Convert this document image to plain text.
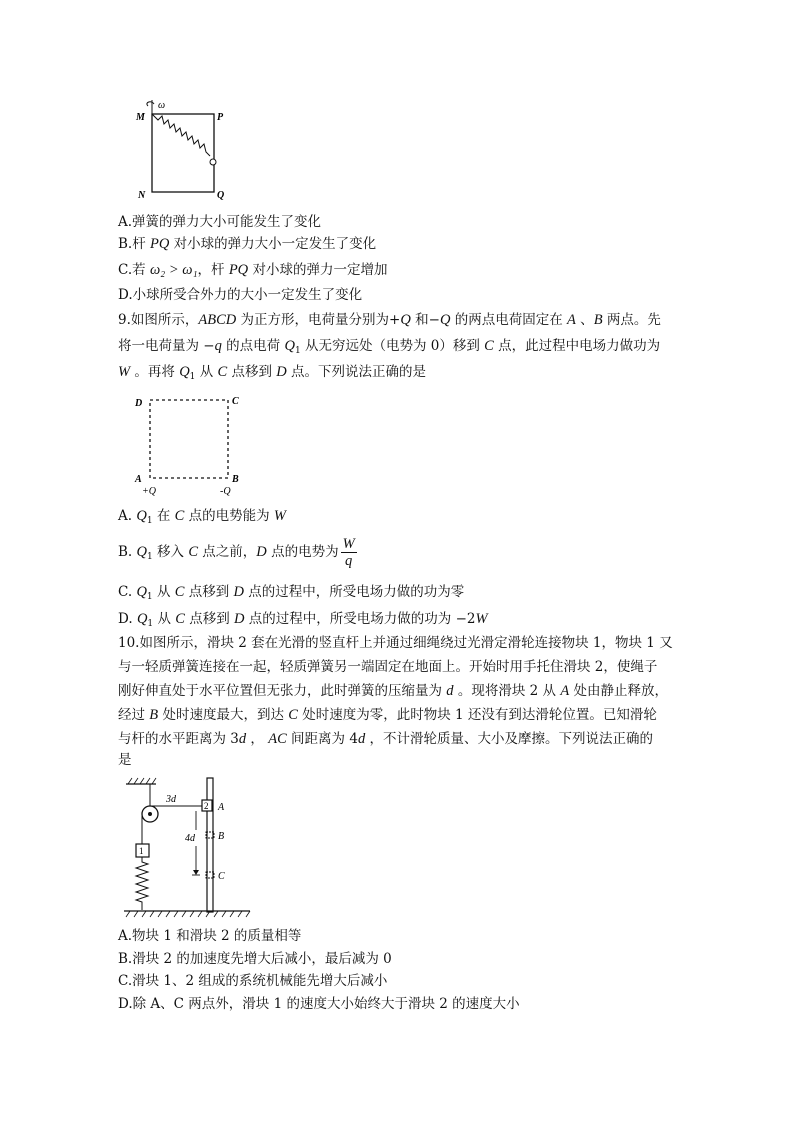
ω
M	P
N	Q
A.弹簧的弹力大小可能发生了变化
B.杆 PQ 对小球的弹力大小一定发生了变化
C.若 ω₂ > ω₁，杆 PQ 对小球的弹力一定增加
D.小球所受合外力的大小一定发生了变化
9.如图所示，ABCD 为正方形，电荷量分别为+Q 和−Q 的两点电荷固定在 A 、B 两点。先
将一电荷量为 −q 的点电荷 $Q_1$ 从无穷远处（电势为 0）移到 C 点，此过程中电场力做功为
W 。再将 $Q_1$ 从 C 点移到 D 点。下列说法正确的是
D	C
A	B
+Q	-Q
A. $Q_1$ 在 C 点的电势能为 W
B. $Q_1$ 移入 C 点之前，D 点的电势为 $\frac{W}{q}$
C. $Q_1$ 从 C 点移到 D 点的过程中，所受电场力做的功为零
D. $Q_1$ 从 C 点移到 D 点的过程中，所受电场力做的功为 −2W
10.如图所示，滑块 2 套在光滑的竖直杆上并通过细绳绕过光滑定滑轮连接物块 1，物块 1 又
与一轻质弹簧连接在一起，轻质弹簧另一端固定在地面上。开始时用手托住滑块 2，使绳子
刚好伸直处于水平位置但无张力，此时弹簧的压缩量为 d 。现将滑块 2 从 A 处由静止释放，
经过 B 处时速度最大，到达 C 处时速度为零，此时物块 1 还没有到达滑轮位置。已知滑轮
与杆的水平距离为 3d ， AC 间距离为 4d ，不计滑轮质量、大小及摩擦。下列说法正确的
是
3d
2 A
B
C
4d
1
A.物块 1 和滑块 2 的质量相等
B.滑块 2 的加速度先增大后减小，最后减为 0
C.滑块 1、2 组成的系统机械能先增大后减小
D.除 A、C 两点外，滑块 1 的速度大小始终大于滑块 2 的速度大小
